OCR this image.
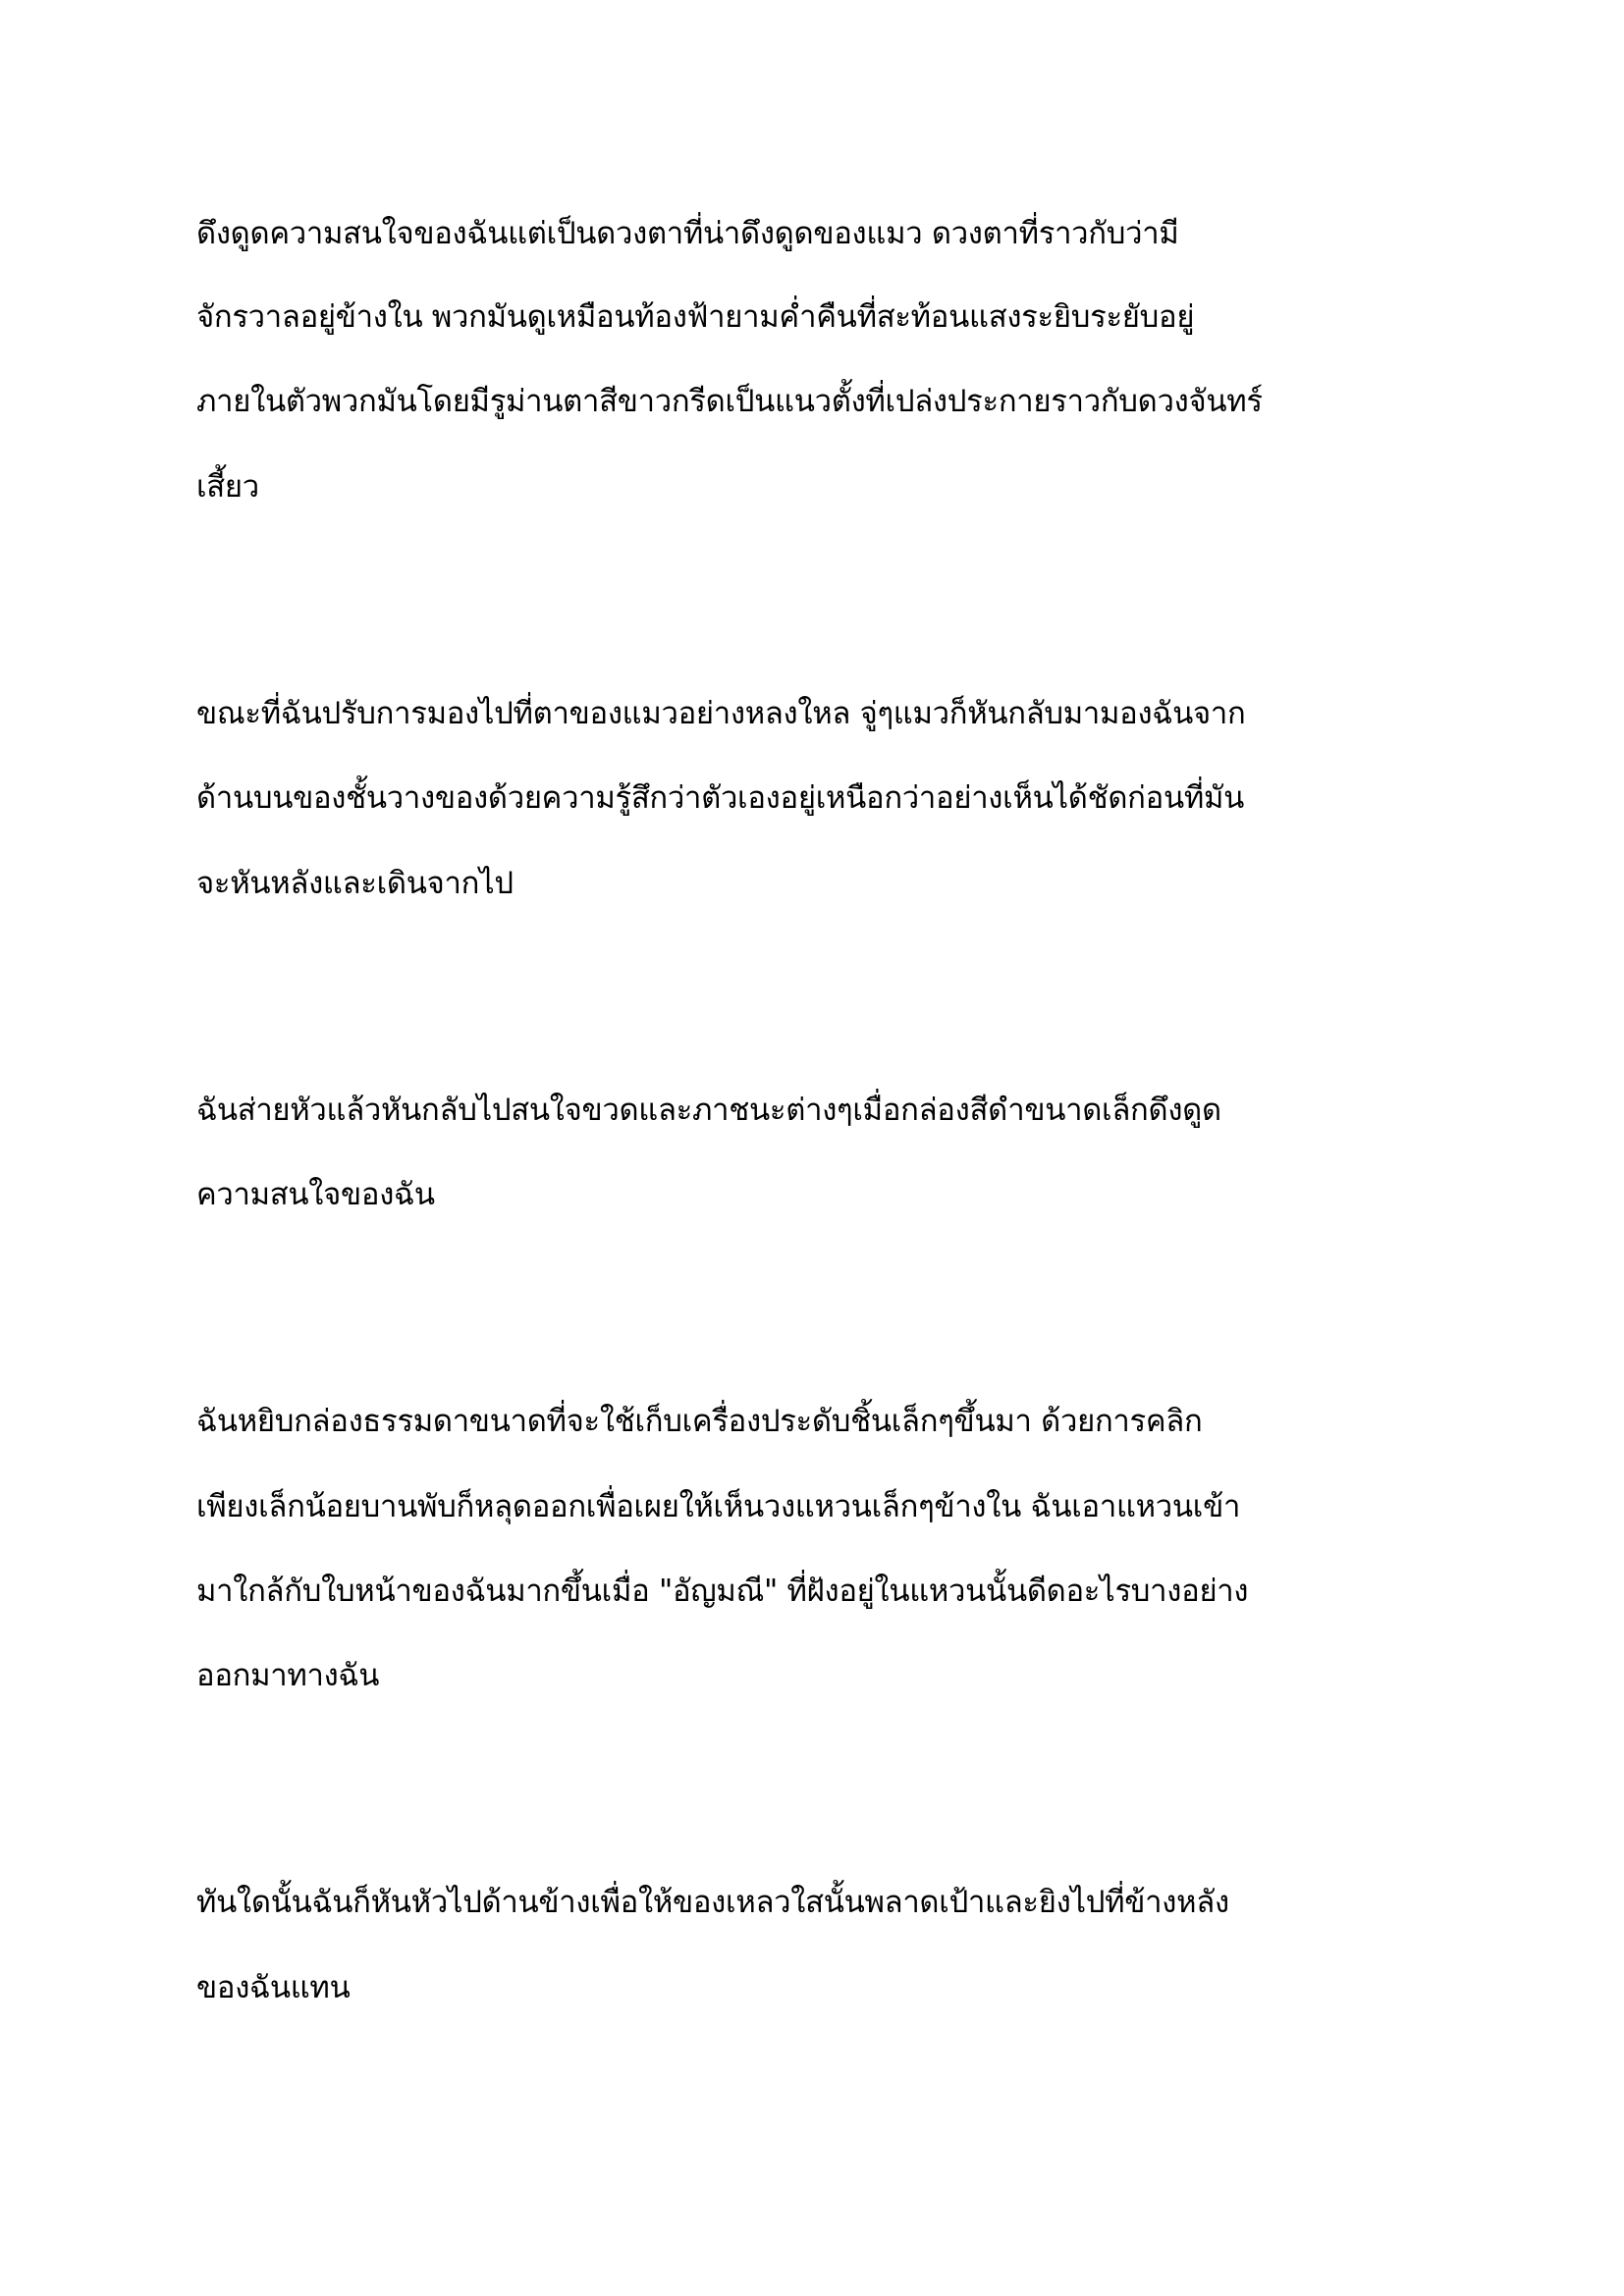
ดึงดูดความสนใจของฉันแต่เป็นดวงตาที่น่าดึงดูดของแมว ดวงตาที่ราวกับว่ามี

จักรวาลอยู่ข้างใน พวกมันดูเหมือนท้องฟ้ายามค่ำคืนที่สะท้อนแสงระยิบระยับอยู่

ภายในตัวพวกมันโดยมีรูม่านตาสีขาวกรีดเป็นแนวตั้งที่เปล่งประกายราวกับดวงจันทร์

เสี้ยว

ขณะที่ฉันปรับการมองไปที่ตาของแมวอย่างหลงใหล จู่ๆแมวก็หันกลับมามองฉันจาก

ด้านบนของชั้นวางของด้วยความรู้สึกว่าตัวเองอยู่เหนือกว่าอย่างเห็นได้ชัดก่อนที่มัน

จะหันหลังและเดินจากไป

ฉันส่ายหัวแล้วหันกลับไปสนใจขวดและภาชนะต่างๆเมื่อกล่องสีดำขนาดเล็กดึงดูด

ความสนใจของฉัน

ฉันหยิบกล่องธรรมดาขนาดที่จะใช้เก็บเครื่องประดับชิ้นเล็กๆขึ้นมา ด้วยการคลิก

เพียงเล็กน้อยบานพับก็หลุดออกเพื่อเผยให้เห็นวงแหวนเล็กๆข้างใน ฉันเอาแหวนเข้า

มาใกล้กับใบหน้าของฉันมากขึ้นเมื่อ "อัญมณี" ที่ฝังอยู่ในแหวนนั้นดีดอะไรบางอย่าง

ออกมาทางฉัน

ทันใดนั้นฉันก็หันหัวไปด้านข้างเพื่อให้ของเหลวใสนั้นพลาดเป้าและยิงไปที่ข้างหลัง

ของฉันแทน
